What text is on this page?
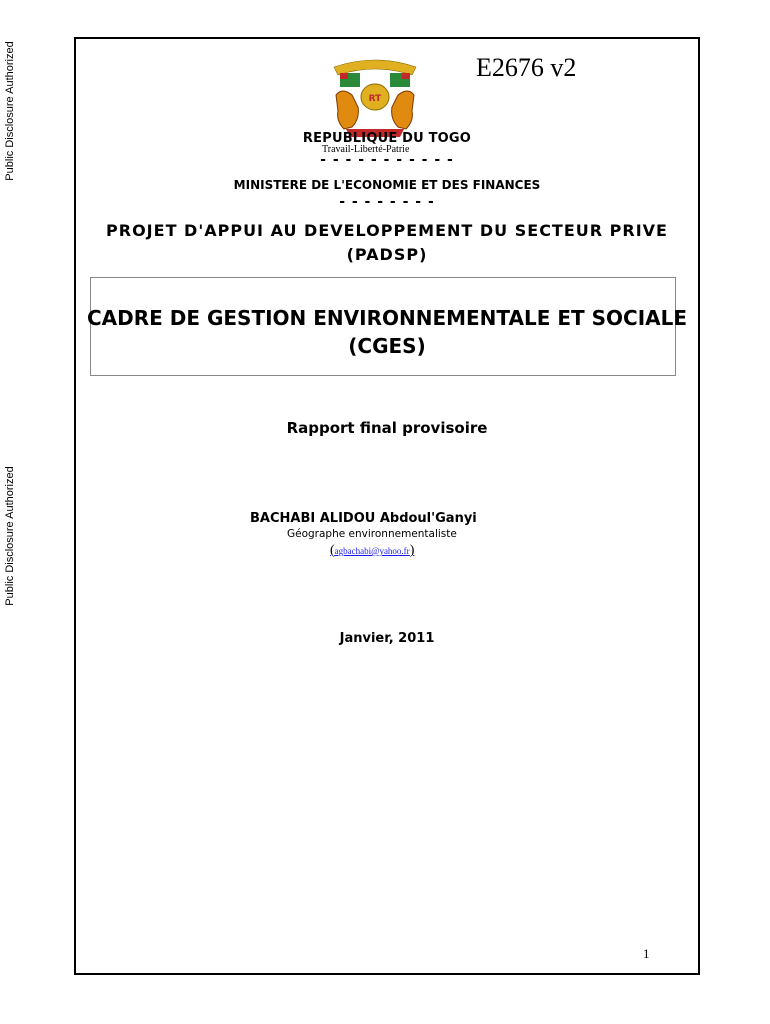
Public Disclosure Authorized
Public Disclosure Authorized
E2676 v2
RT
REPUBLIQUE DU TOGO
Travail-Liberté-Patrie
- - - - - - - - - - -
MINISTERE DE L'ECONOMIE ET DES FINANCES
- - - - - - - -
PROJET D'APPUI AU DEVELOPPEMENT DU SECTEUR PRIVE
(PADSP)
CADRE DE GESTION ENVIRONNEMENTALE ET SOCIALE
(CGES)
Rapport final provisoire
BACHABI ALIDOU Abdoul'Ganyi
Géographe environnementaliste
(agbachabi@yahoo.fr)
Janvier, 2011
1
